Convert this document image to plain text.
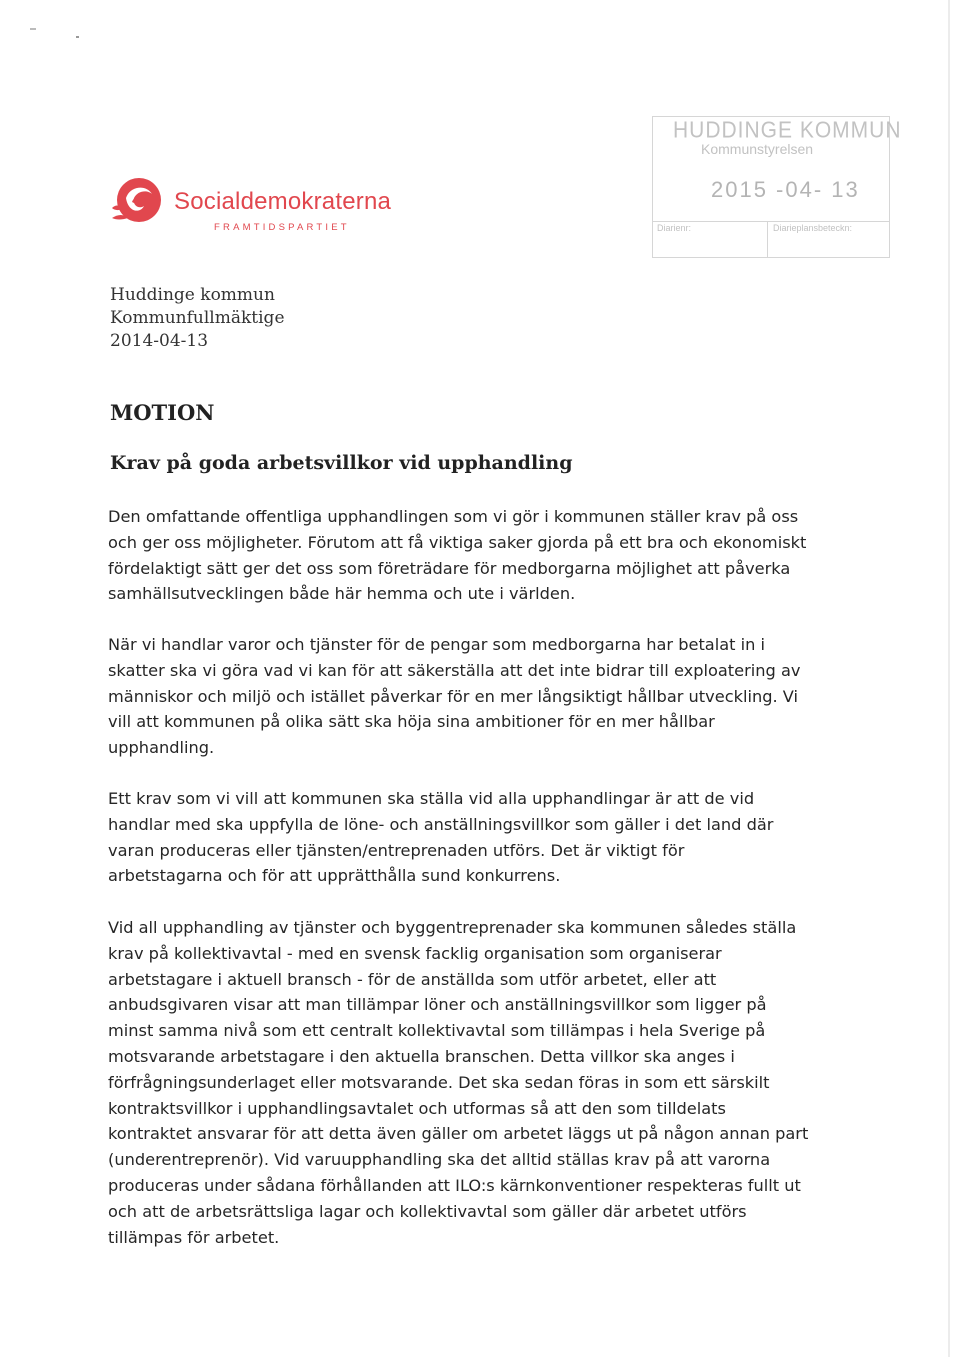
Socialdemokraterna
FRAMTIDSPARTIET
HUDDINGE KOMMUN
Kommunstyrelsen
2015 -04- 13
Diarienr:	Diarieplansbeteckn:
Huddinge kommun
Kommunfullmäktige
2014-04-13
MOTION
Krav på goda arbetsvillkor vid upphandling
Den omfattande offentliga upphandlingen som vi gör i kommunen ställer krav på oss
och ger oss möjligheter. Förutom att få viktiga saker gjorda på ett bra och ekonomiskt
fördelaktigt sätt ger det oss som företrädare för medborgarna möjlighet att påverka
samhällsutvecklingen både här hemma och ute i världen.
När vi handlar varor och tjänster för de pengar som medborgarna har betalat in i
skatter ska vi göra vad vi kan för att säkerställa att det inte bidrar till exploatering av
människor och miljö och istället påverkar för en mer långsiktigt hållbar utveckling. Vi
vill att kommunen på olika sätt ska höja sina ambitioner för en mer hållbar
upphandling.
Ett krav som vi vill att kommunen ska ställa vid alla upphandlingar är att de vid
handlar med ska uppfylla de löne- och anställningsvillkor som gäller i det land där
varan produceras eller tjänsten/entreprenaden utförs. Det är viktigt för
arbetstagarna och för att upprätthålla sund konkurrens.
Vid all upphandling av tjänster och byggentreprenader ska kommunen således ställa
krav på kollektivavtal - med en svensk facklig organisation som organiserar
arbetstagare i aktuell bransch - för de anställda som utför arbetet, eller att
anbudsgivaren visar att man tillämpar löner och anställningsvillkor som ligger på
minst samma nivå som ett centralt kollektivavtal som tillämpas i hela Sverige på
motsvarande arbetstagare i den aktuella branschen. Detta villkor ska anges i
förfrågningsunderlaget eller motsvarande. Det ska sedan föras in som ett särskilt
kontraktsvillkor i upphandlingsavtalet och utformas så att den som tilldelats
kontraktet ansvarar för att detta även gäller om arbetet läggs ut på någon annan part
(underentreprenör). Vid varuupphandling ska det alltid ställas krav på att varorna
produceras under sådana förhållanden att ILO:s kärnkonventioner respekteras fullt ut
och att de arbetsrättsliga lagar och kollektivavtal som gäller där arbetet utförs
tillämpas för arbetet.
